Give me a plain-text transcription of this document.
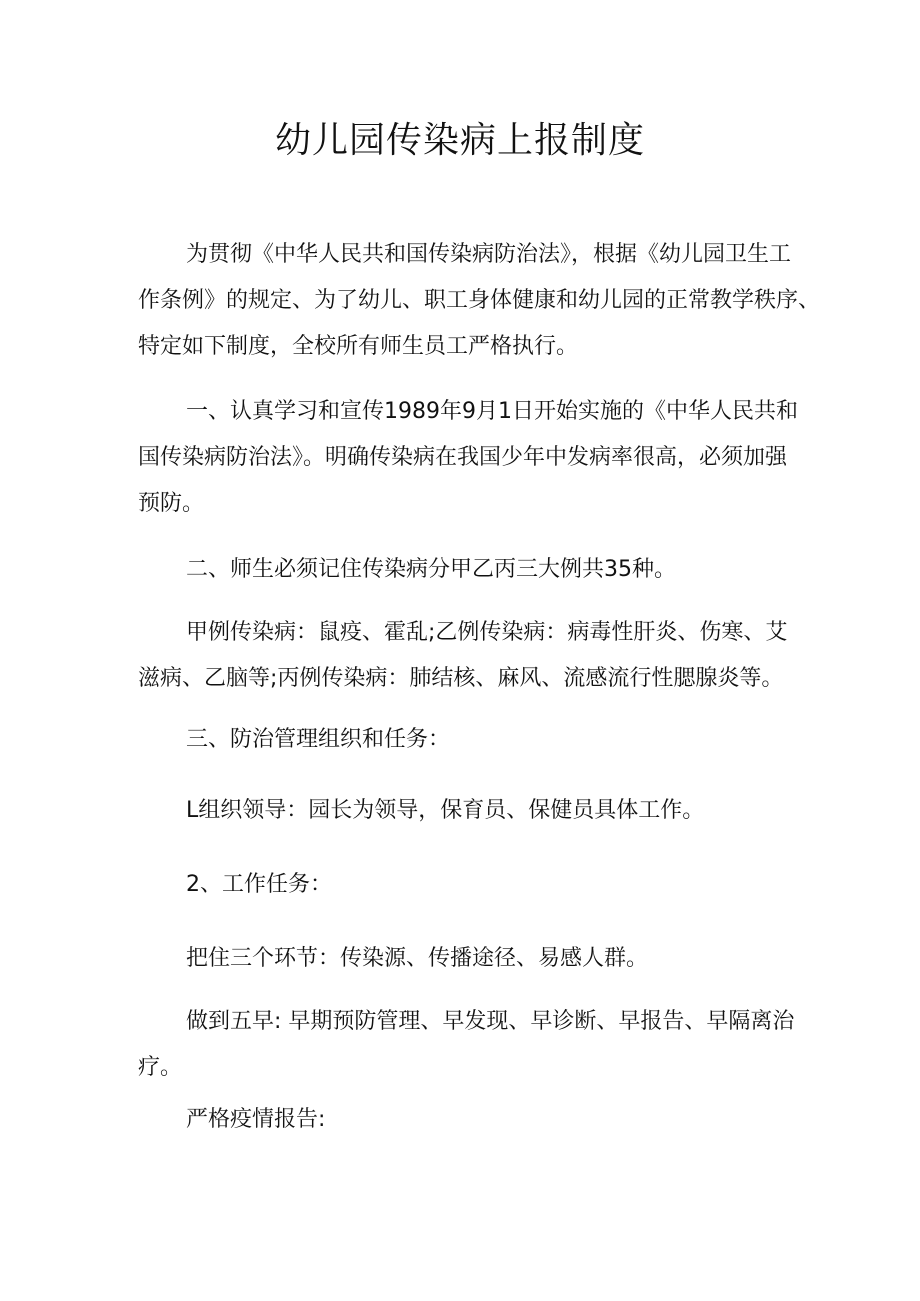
幼儿园传染病上报制度
为贯彻《中华人民共和国传染病防治法》，根据《幼儿园卫生工
作条例》的规定、为了幼儿、职工身体健康和幼儿园的正常教学秩序、
特定如下制度，全校所有师生员工严格执行。
一、认真学习和宣传1989年9月1日开始实施的《中华人民共和
国传染病防治法》。明确传染病在我国少年中发病率很高，必须加强
预防。
二、师生必须记住传染病分甲乙丙三大例共35种。
甲例传染病：鼠疫、霍乱;乙例传染病：病毒性肝炎、伤寒、艾
滋病、乙脑等;丙例传染病：肺结核、麻风、流感流行性腮腺炎等。
三、防治管理组织和任务：
L组织领导：园长为领导，保育员、保健员具体工作。
2、工作任务：
把住三个环节：传染源、传播途径、易感人群。
做到五早: 早期预防管理、早发现、早诊断、早报告、早隔离治
疗。
严格疫情报告:
